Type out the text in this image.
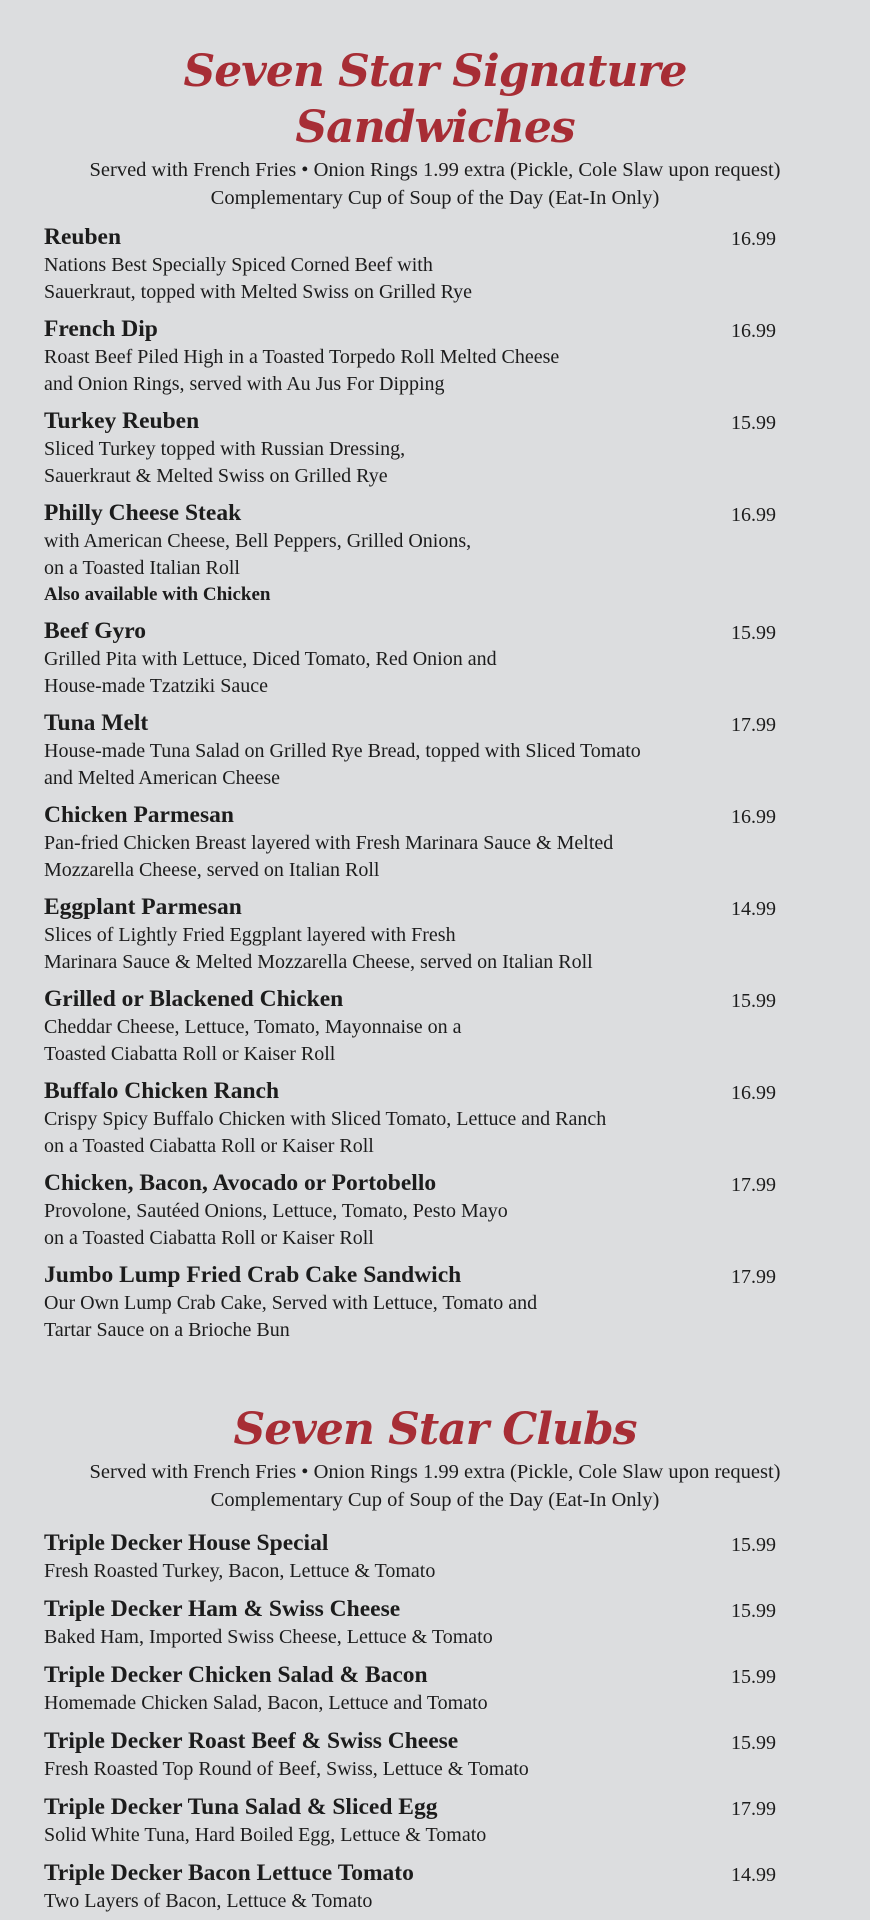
Seven Star Signature Sandwiches

Served with French Fries • Onion Rings 1.99 extra (Pickle, Cole Slaw upon request)

Complementary Cup of Soup of the Day (Eat-In Only)

Reuben	16.99

Nations Best Specially Spiced Corned Beef with

Sauerkraut, topped with Melted Swiss on Grilled Rye

French Dip	16.99

Roast Beef Piled High in a Toasted Torpedo Roll Melted Cheese

and Onion Rings, served with Au Jus For Dipping

Turkey Reuben	15.99

Sliced Turkey topped with Russian Dressing,

Sauerkraut & Melted Swiss on Grilled Rye

Philly Cheese Steak	16.99

with American Cheese, Bell Peppers, Grilled Onions,

on a Toasted Italian Roll

Also available with Chicken

Beef Gyro	15.99

Grilled Pita with Lettuce, Diced Tomato, Red Onion and

House-made Tzatziki Sauce

Tuna Melt	17.99

House-made Tuna Salad on Grilled Rye Bread, topped with Sliced Tomato

and Melted American Cheese

Chicken Parmesan	16.99

Pan-fried Chicken Breast layered with Fresh Marinara Sauce & Melted

Mozzarella Cheese, served on Italian Roll

Eggplant Parmesan	14.99

Slices of Lightly Fried Eggplant layered with Fresh

Marinara Sauce & Melted Mozzarella Cheese, served on Italian Roll

Grilled or Blackened Chicken	15.99

Cheddar Cheese, Lettuce, Tomato, Mayonnaise on a

Toasted Ciabatta Roll or Kaiser Roll

Buffalo Chicken Ranch	16.99

Crispy Spicy Buffalo Chicken with Sliced Tomato, Lettuce and Ranch

on a Toasted Ciabatta Roll or Kaiser Roll

Chicken, Bacon, Avocado or Portobello	17.99

Provolone, Sautéed Onions, Lettuce, Tomato, Pesto Mayo

on a Toasted Ciabatta Roll or Kaiser Roll

Jumbo Lump Fried Crab Cake Sandwich	17.99

Our Own Lump Crab Cake, Served with Lettuce, Tomato and

Tartar Sauce on a Brioche Bun

Seven Star Clubs

Served with French Fries • Onion Rings 1.99 extra (Pickle, Cole Slaw upon request)

Complementary Cup of Soup of the Day (Eat-In Only)

Triple Decker House Special	15.99

Fresh Roasted Turkey, Bacon, Lettuce & Tomato

Triple Decker Ham & Swiss Cheese	15.99

Baked Ham, Imported Swiss Cheese, Lettuce & Tomato

Triple Decker Chicken Salad & Bacon	15.99

Homemade Chicken Salad, Bacon, Lettuce and Tomato

Triple Decker Roast Beef & Swiss Cheese	15.99

Fresh Roasted Top Round of Beef, Swiss, Lettuce & Tomato

Triple Decker Tuna Salad & Sliced Egg	17.99

Solid White Tuna, Hard Boiled Egg, Lettuce & Tomato

Triple Decker Bacon Lettuce Tomato	14.99

Two Layers of Bacon, Lettuce & Tomato
